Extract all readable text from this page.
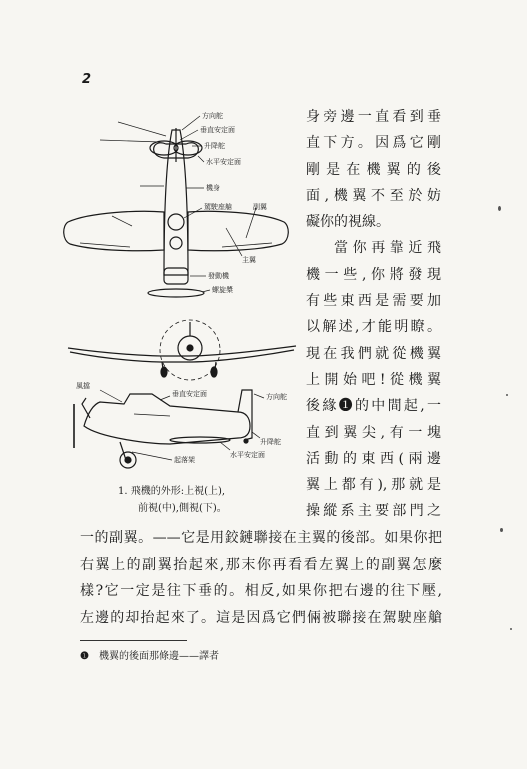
2
方向舵
垂直安定面
升降舵
水平安定面
機身
駕駛座艙	副翼
主翼
發動機
螺旋槳
風擋
垂直安定面	方向舵
升降舵
水平安定面
起落架
1. 飛機的外形:上視(上),
前視(中),側視(下)。
身旁邊一直看到垂
直下方。因爲它剛
剛是在機翼的後
面,機翼不至於妨
礙你的視線。
當你再靠近飛
機一些,你將發現
有些東西是需要加
以解述,才能明瞭。
現在我們就從機翼
上開始吧!從機翼
後緣❶的中間起,一
直到翼尖,有一塊
活動的東西(兩邊
翼上都有),那就是
操縱系主要部門之
一的副翼。——它是用鉸鏈聯接在主翼的後部。如果你把
右翼上的副翼抬起來,那末你再看看左翼上的副翼怎麼
樣?它一定是往下垂的。相反,如果你把右邊的往下壓,
左邊的却抬起來了。這是因爲它們倆被聯接在駕駛座艙
❶ 機翼的後面那條邊——譯者
